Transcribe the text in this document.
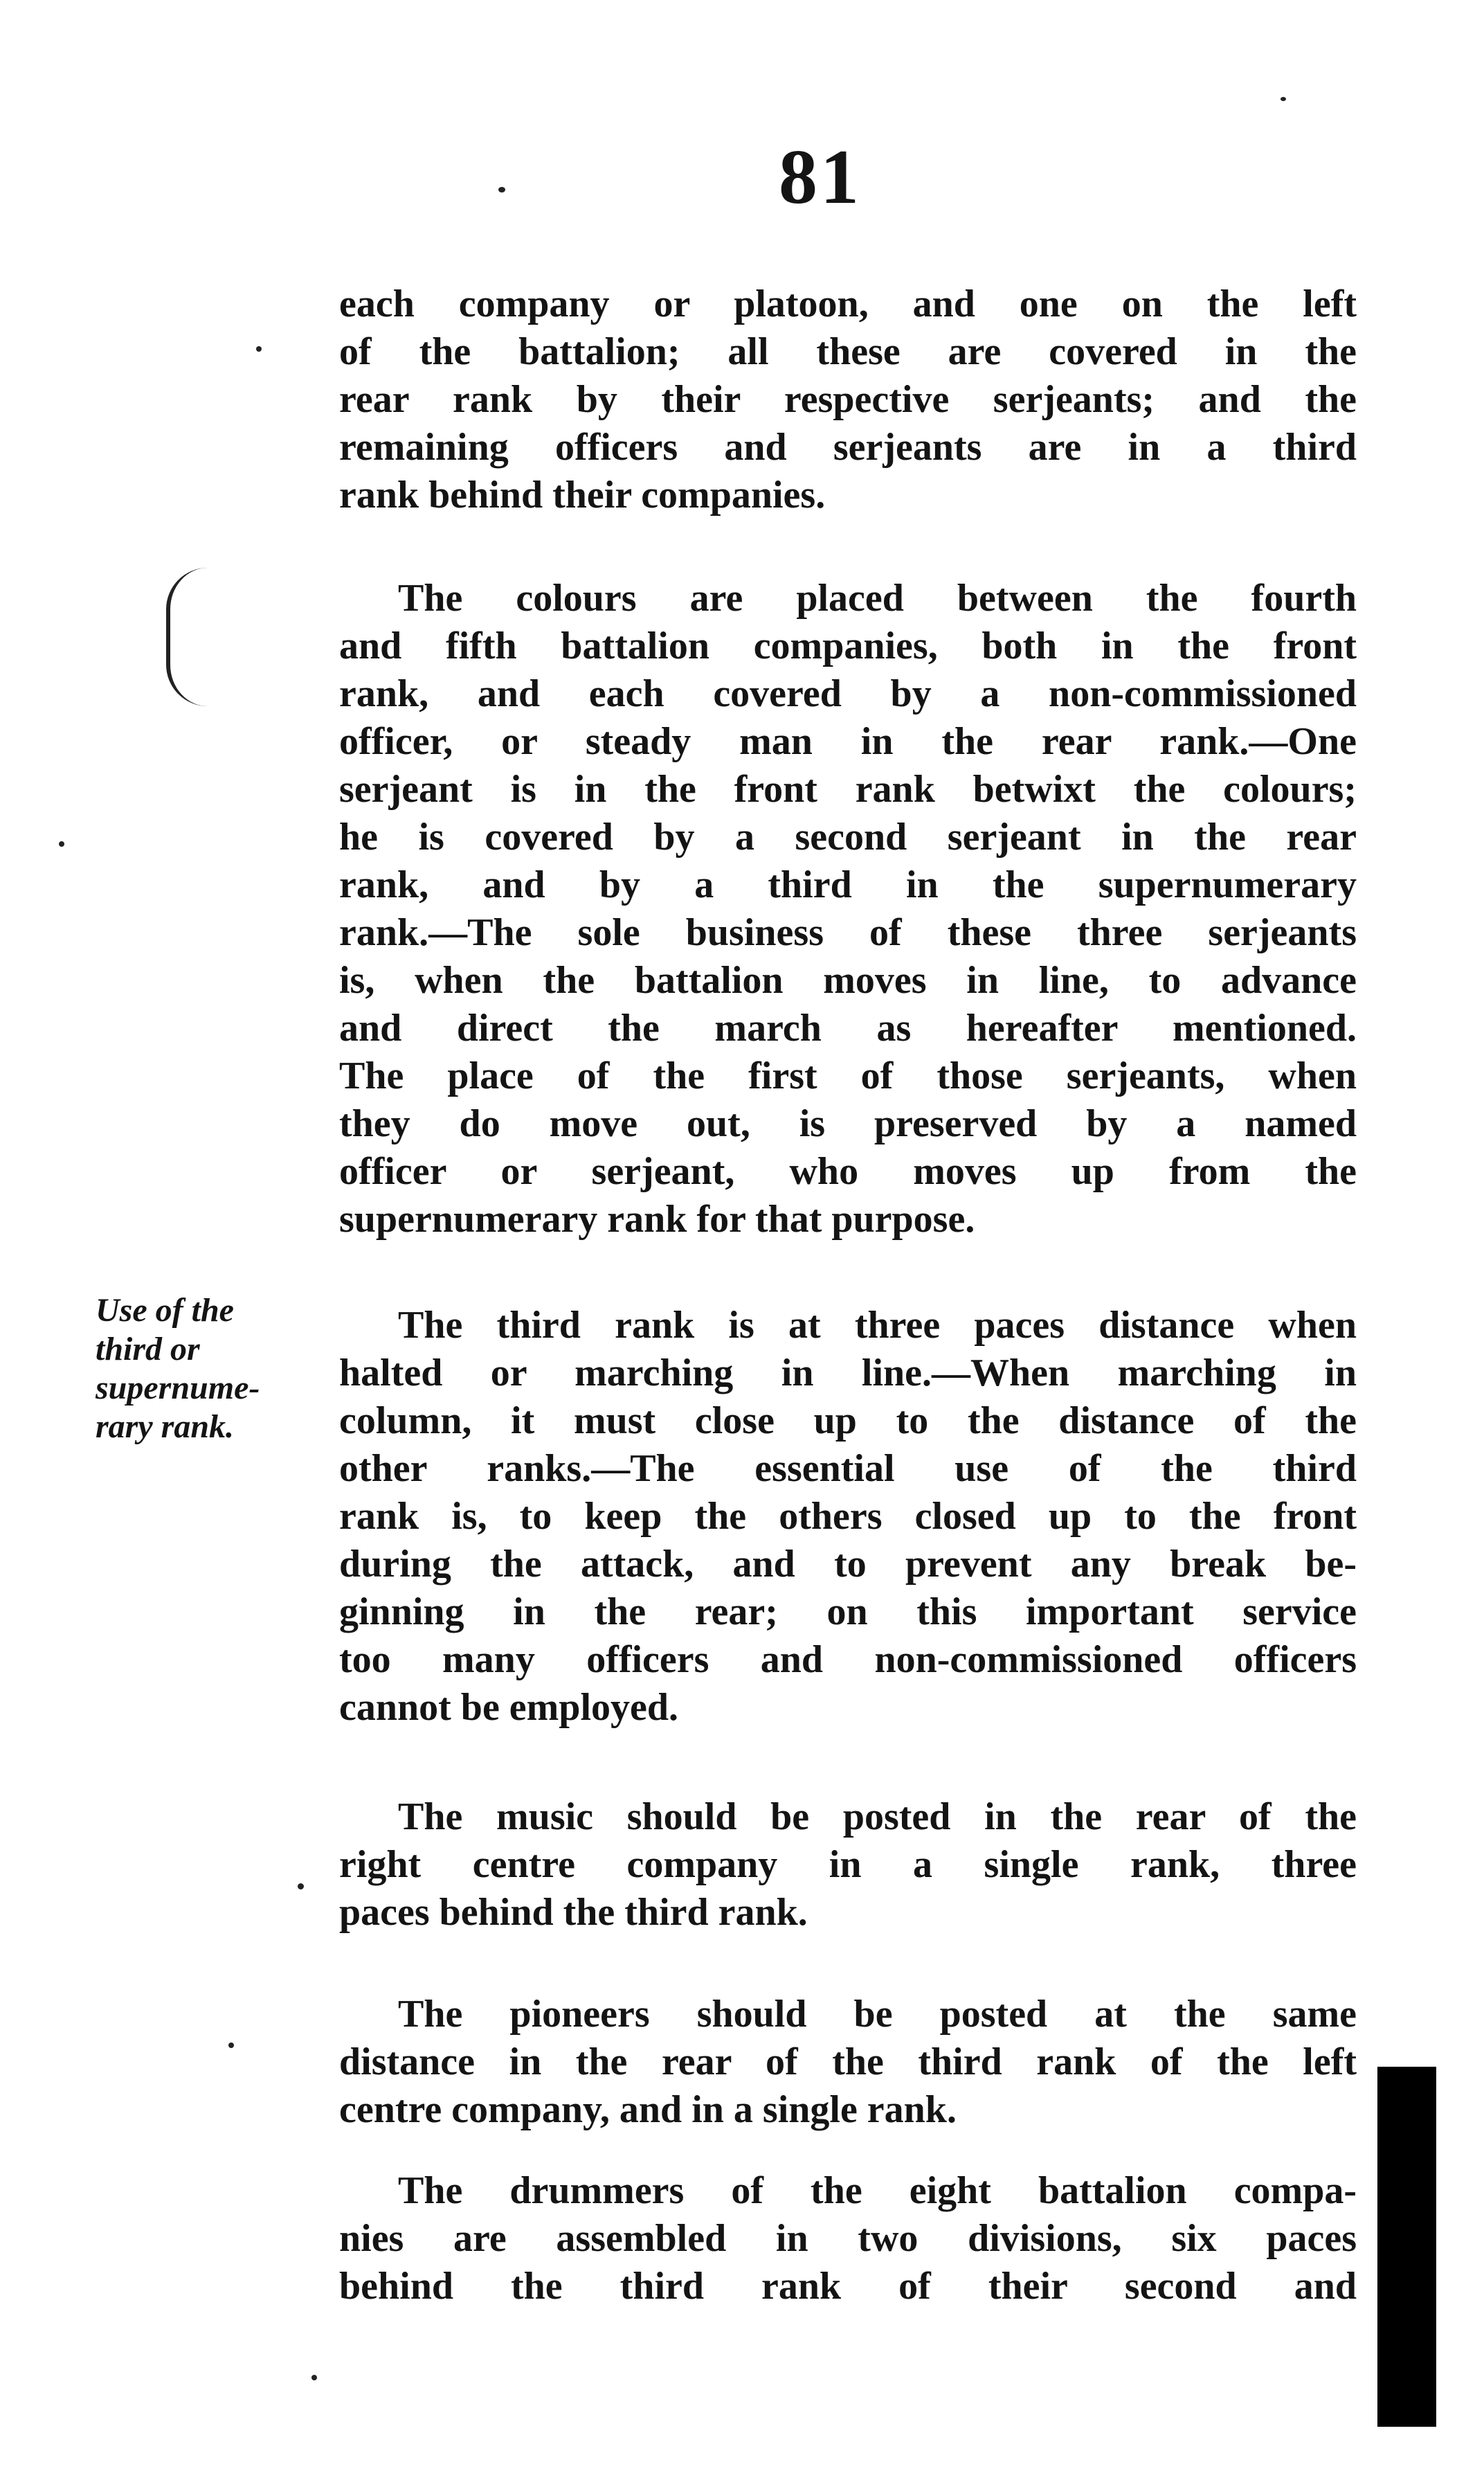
81
each company or platoon, and one on the left
of the battalion; all these are covered in the
rear rank by their respective serjeants; and the
remaining officers and serjeants are in a third
rank behind their companies.
The colours are placed between the fourth
and fifth battalion companies, both in the front
rank, and each covered by a non-commissioned
officer, or steady man in the rear rank.—One
serjeant is in the front rank betwixt the colours;
he is covered by a second serjeant in the rear
rank, and by a third in the supernumerary
rank.—The sole business of these three serjeants
is, when the battalion moves in line, to advance
and direct the march as hereafter mentioned.
The place of the first of those serjeants, when
they do move out, is preserved by a named
officer or serjeant, who moves up from the
supernumerary rank for that purpose.
Use of the
third or
supernume-
rary rank.
The third rank is at three paces distance when
halted or marching in line.—When marching in
column, it must close up to the distance of the
other ranks.—The essential use of the third
rank is, to keep the others closed up to the front
during the attack, and to prevent any break be-
ginning in the rear; on this important service
too many officers and non-commissioned officers
cannot be employed.
The music should be posted in the rear of the
right centre company in a single rank, three
paces behind the third rank.
The pioneers should be posted at the same
distance in the rear of the third rank of the left
centre company, and in a single rank.
The drummers of the eight battalion compa-
nies are assembled in two divisions, six paces
behind the third rank of their second and
